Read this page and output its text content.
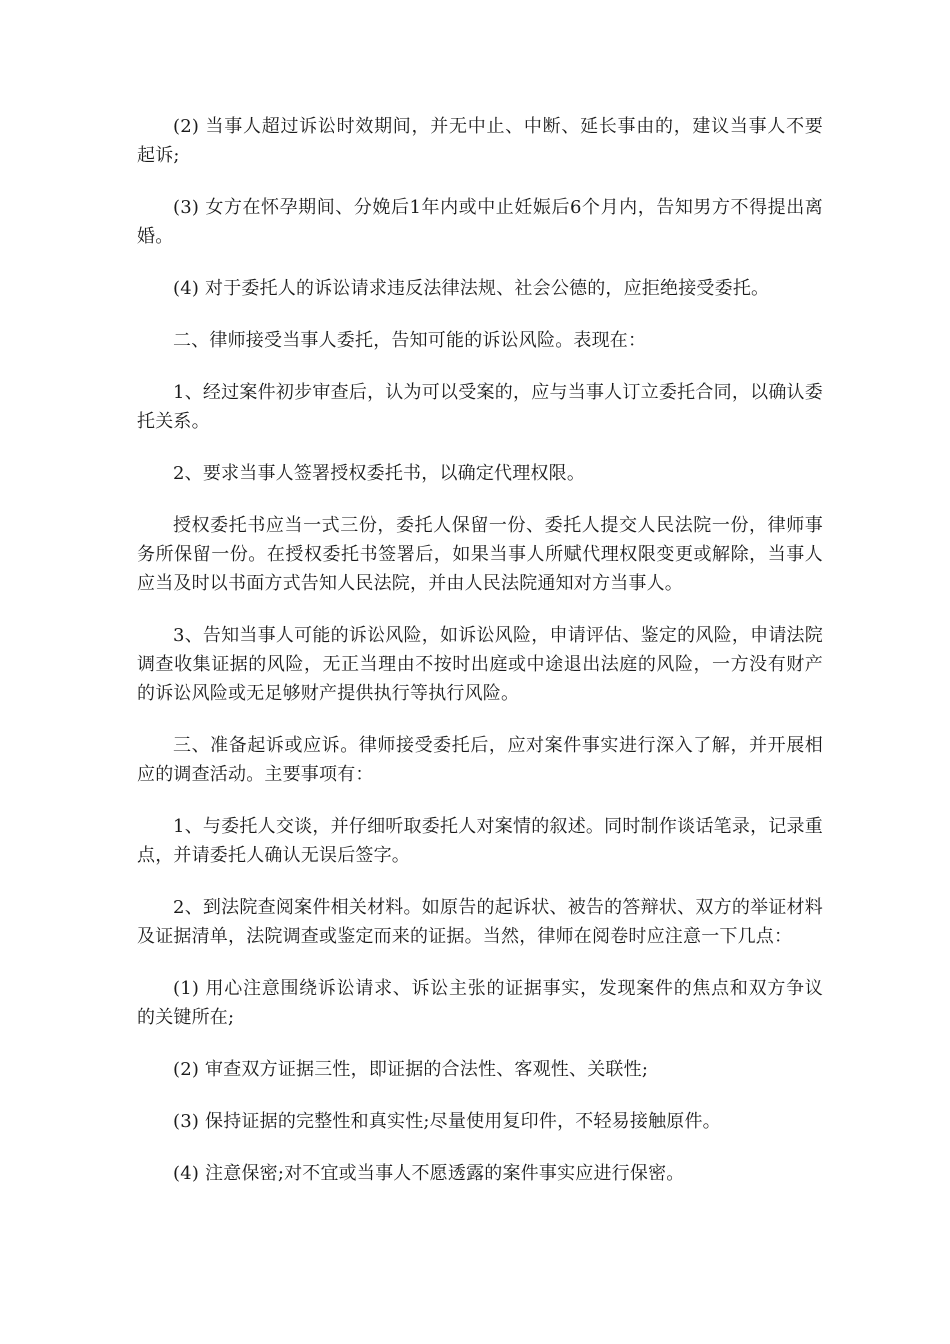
(2) 当事人超过诉讼时效期间，并无中止、中断、延长事由的，建议当事人不要起诉;

(3) 女方在怀孕期间、分娩后1年内或中止妊娠后6个月内，告知男方不得提出离婚。

(4) 对于委托人的诉讼请求违反法律法规、社会公德的，应拒绝接受委托。

二、律师接受当事人委托，告知可能的诉讼风险。表现在：

1、经过案件初步审查后，认为可以受案的，应与当事人订立委托合同，以确认委托关系。

2、要求当事人签署授权委托书，以确定代理权限。

授权委托书应当一式三份，委托人保留一份、委托人提交人民法院一份，律师事务所保留一份。在授权委托书签署后，如果当事人所赋代理权限变更或解除，当事人应当及时以书面方式告知人民法院，并由人民法院通知对方当事人。

3、告知当事人可能的诉讼风险，如诉讼风险，申请评估、鉴定的风险，申请法院调查收集证据的风险，无正当理由不按时出庭或中途退出法庭的风险，一方没有财产的诉讼风险或无足够财产提供执行等执行风险。

三、准备起诉或应诉。律师接受委托后，应对案件事实进行深入了解，并开展相应的调查活动。主要事项有：

1、与委托人交谈，并仔细听取委托人对案情的叙述。同时制作谈话笔录，记录重点，并请委托人确认无误后签字。

2、到法院查阅案件相关材料。如原告的起诉状、被告的答辩状、双方的举证材料及证据清单，法院调查或鉴定而来的证据。当然，律师在阅卷时应注意一下几点：

(1) 用心注意围绕诉讼请求、诉讼主张的证据事实，发现案件的焦点和双方争议的关键所在;

(2) 审查双方证据三性，即证据的合法性、客观性、关联性;

(3) 保持证据的完整性和真实性;尽量使用复印件，不轻易接触原件。

(4) 注意保密;对不宜或当事人不愿透露的案件事实应进行保密。
